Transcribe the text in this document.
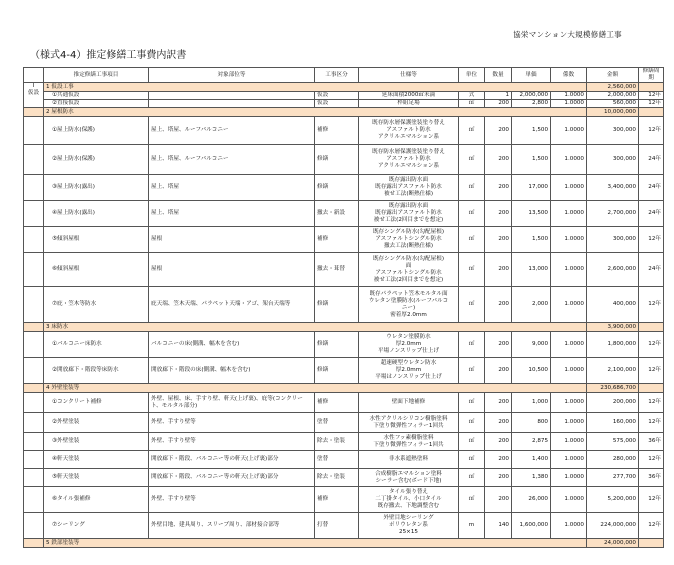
協栄マンション大規模修繕工事
（様式4-4）推定修繕工事費内訳書
	推定修繕工事項目	対象部位等	工事区分	仕様等	単位	数量	単価	係数	金額	修繕周期

Ⅰ
仮設	1 仮設工事								2,560,000	
	①共通仮設		仮設	延床面積2000㎡未満	式	1	2,000,000	1.0000	2,000,000	12年
	②直接仮設		仮設	枠組足場	㎡	200	2,800	1.0000	560,000	12年
	2 屋根防水								10,000,000	
	①屋上防水(保護)	屋上、塔屋、ルーフバルコニー	補修	既存防水層保護塗装塗り替え
アスファルト防水
アクリルエマルション系	㎡	200	1,500	1.0000	300,000	12年
	②屋上防水(保護)	屋上、塔屋、ルーフバルコニー	修繕	既存防水層保護塗装塗り替え
アスファルト防水
アクリルエマルション系	㎡	200	1,500	1.0000	300,000	24年
	③屋上防水(露出)	屋上、塔屋	修繕	既存露出防水面
既存露出アスファルト防水
被せ工法(断熱仕様)	㎡	200	17,000	1.0000	3,400,000	24年
	④屋上防水(露出)	屋上、塔屋	撤去・新設	既存露出防水面
既存露出アスファルト防水
被せ工法(2回目までを想定)	㎡	200	13,500	1.0000	2,700,000	24年
	⑤傾斜屋根	屋根	補修	既存シングル防水(勾配屋根)
アスファルトシングル防水
撤去工法(断熱仕様)	㎡	200	1,500	1.0000	300,000	12年
	⑥傾斜屋根	屋根	撤去・葺替	既存シングル防水(勾配屋根)
面
アスファルトシングル防水
被せ工法(2回目までを想定)	㎡	200	13,000	1.0000	2,600,000	24年
	⑦庇・笠木等防水	庇天端、笠木天端、パラペット天端・アゴ、架台天端等	修繕	既存パラペット笠木モルタル面
ウレタン塗膜防水(ルーフバルコ
ニー)
密着厚2.0mm	㎡	200	2,000	1.0000	400,000	12年
	3 床防水								3,900,000	
	①バルコニー床防水	バルコニーの床(側溝、幅木を含む)	修繕	ウレタン塗膜防水
厚2.0mm
平場ノンスリップ仕上げ	㎡	200	9,000	1.0000	1,800,000	12年
	②開放廊下・階段等床防水	開放廊下・階段の床(側溝、幅木を含む)	修繕	超速硬型ウレタン防水
厚2.0mm
平場はノンスリップ仕上げ	㎡	200	10,500	1.0000	2,100,000	12年
	4 外壁塗装等								230,686,700	
	①コンクリート補修	外壁、屋根、床、手すり壁、軒天(上げ裏)、庇等(コンクリート、モルタル部分)	補修	壁面下地補修	㎡	200	1,000	1.0000	200,000	12年
	②外壁塗装	外壁、手すり壁等	塗替	水性アクリルシリコン樹脂塗料
下塗り微弾性フィラー1回共	㎡	200	800	1.0000	160,000	12年
	③外壁塗装	外壁、手すり壁等	除去・塗装	水性フッ素樹脂塗料
下塗り微弾性フィラー1回共	㎡	200	2,875	1.0000	575,000	36年
	④軒天塗装	開放廊下・階段、バルコニー等の軒天(上げ裏)部分	塗替	非水系遮熱塗料	㎡	200	1,400	1.0000	280,000	12年
	⑤軒天塗装	開放廊下・階段、バルコニー等の軒天(上げ裏)部分	除去・塗装	合成樹脂エマルション塗料
シーラー含む(ボード下地)	㎡	200	1,380	1.0000	277,700	36年
	⑥タイル張補修	外壁、手すり壁等	補修	タイル張り替え
二丁掛タイル、小口タイル
既存撤去、下地調整含む	㎡	200	26,000	1.0000	5,200,000	12年
	⑦シーリング	外壁目地、建具周り、スリーブ周り、部材接合部等	打替	外壁目地シーリング
ポリウレタン系
25×15	m	140	1,600,000	1.0000	224,000,000	12年
	5 鉄部塗装等								24,000,000	
